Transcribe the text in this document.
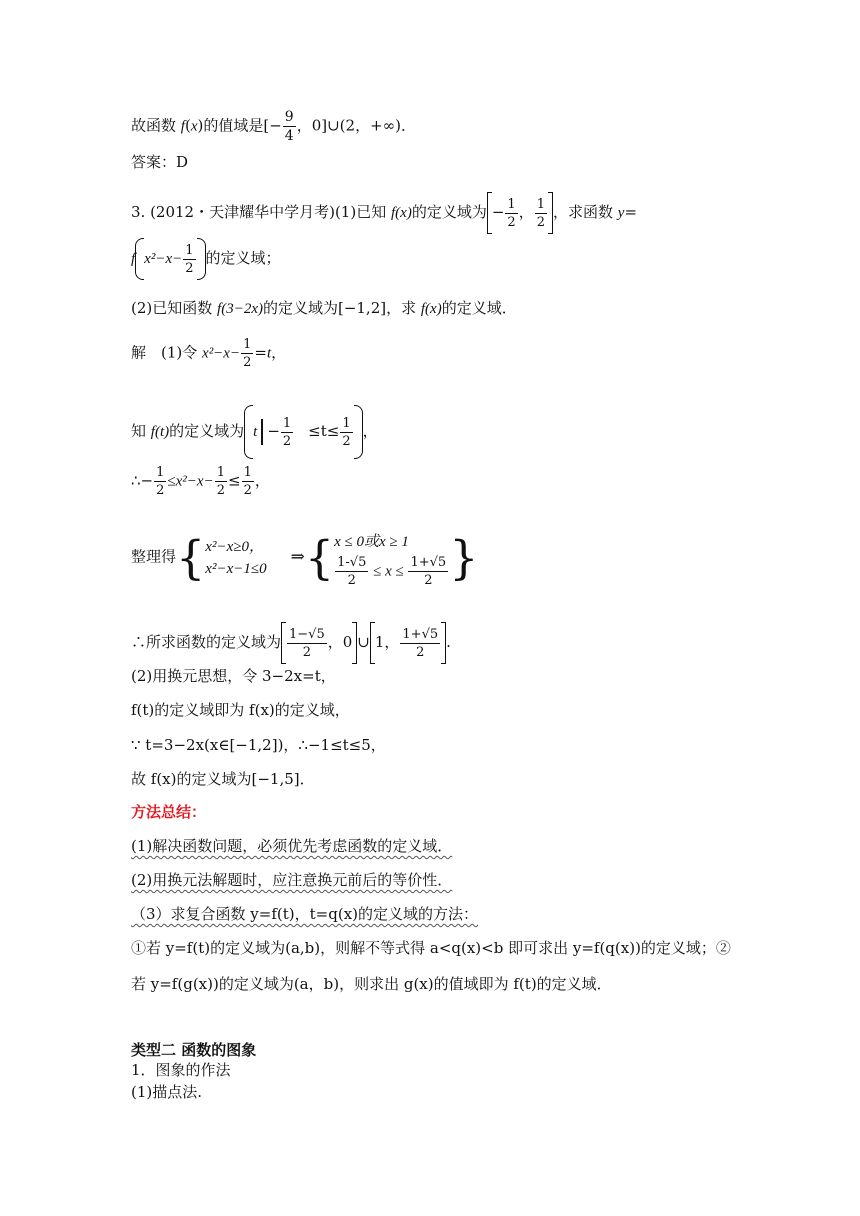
故函数 f(x)的值域是[− $\frac{9}{4}$ ，0]∪(2，+∞)．
答案：D
3. (2012・天津耀华中学月考)(1)已知 f(x)的定义域为 − $\frac{1}{2}$ ， $\frac{1}{2}$ ，求函数 y=
f $x^2-x- \frac{1}{2}$ 的定义域；
(2)已知函数 f(3−2x)的定义域为[−1,2]，求 f(x)的定义域．
解　(1)令 $x^2-x- \frac{1}{2} =t$，
知 f(t)的定义域为 $t - \frac{1}{2} \le t\le \frac{1}{2}$ ，
∴− $\frac{1}{2} \le x^2-x- \frac{1}{2} \le \frac{1}{2}$ ，
整理得{ x²−x≥0，
x²−x−1≤0
⇒{ x ≤ 0或x ≥ 1
$\frac{1-√5}{2} \le x \le \frac{1+√5}{2}$ }
∴所求函数的定义域为 $\frac{1-√5}{2}$ ，0 ∪ 1， $\frac{1+√5}{2}$ .
(2)用换元思想，令 3−2x=t，
f(t)的定义域即为 f(x)的定义域，
∵ t=3−2x(x∈[−1,2])，∴−1≤t≤5，
故 f(x)的定义域为[−1,5]．
方法总结：
(1)解决函数问题，必须优先考虑函数的定义域．
(2)用换元法解题时，应注意换元前后的等价性．
（3）求复合函数 y=f(t)，t=q(x)的定义域的方法：
①若 y=f(t)的定义域为(a,b)，则解不等式得 a<q(x)<b 即可求出 y=f(q(x))的定义域；②若 y=f(g(x))的定义域为(a，b)，则求出 g(x)的值域即为 f(t)的定义域．
类型二 函数的图象
1．图象的作法
(1)描点法.
